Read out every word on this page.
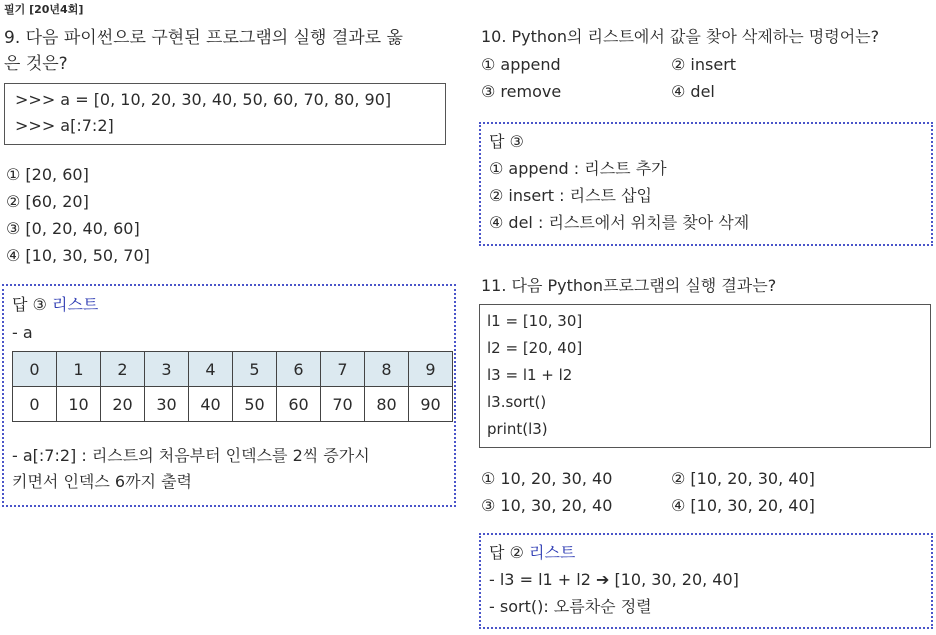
필기 [20년4회]
9. 다음 파이썬으로 구현된 프로그램의 실행 결과로 옳
은 것은?
>>> a = [0, 10, 20, 30, 40, 50, 60, 70, 80, 90]
>>> a[:7:2]
① [20, 60]
② [60, 20]
③ [0, 20, 40, 60]
④ [10, 30, 50, 70]
답 ③ 리스트
- a
0	1	2	3	4	5	6	7	8	9
0	10	20	30	40	50	60	70	80	90
- a[:7:2] : 리스트의 처음부터 인덱스를 2씩 증가시
키면서 인덱스 6까지 출력
10. Python의 리스트에서 값을 찾아 삭제하는 명령어는?
① append	② insert
③ remove	④ del
답 ③
① append : 리스트 추가
② insert : 리스트 삽입
④ del : 리스트에서 위치를 찾아 삭제
11. 다음 Python프로그램의 실행 결과는?
l1 = [10, 30]
l2 = [20, 40]
l3 = l1 + l2
l3.sort()
print(l3)
① 10, 20, 30, 40	② [10, 20, 30, 40]
③ 10, 30, 20, 40	④ [10, 30, 20, 40]
답 ② 리스트
- l3 = l1 + l2 ➔ [10, 30, 20, 40]
- sort(): 오름차순 정렬
